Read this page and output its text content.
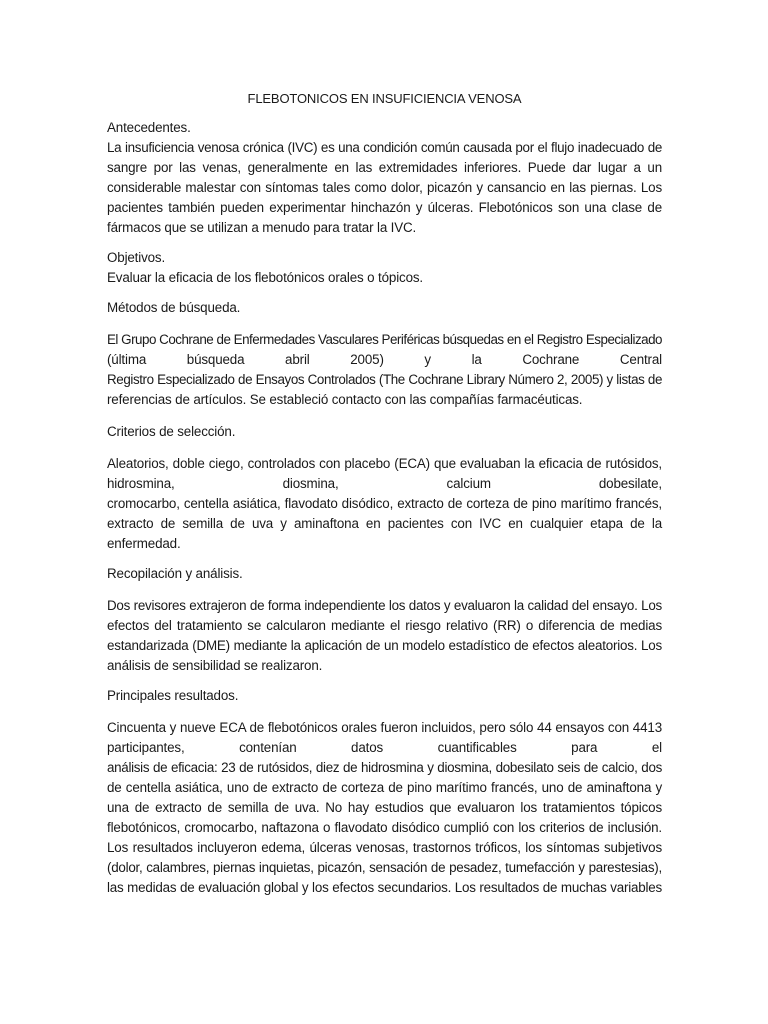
FLEBOTONICOS EN INSUFICIENCIA VENOSA
Antecedentes.
La insuficiencia venosa crónica (IVC) es una condición común causada por el flujo inadecuado de
sangre por las venas, generalmente en las extremidades inferiores. Puede dar lugar a un
considerable malestar con síntomas tales como dolor, picazón y cansancio en las piernas. Los
pacientes también pueden experimentar hinchazón y úlceras. Flebotónicos son una clase de
fármacos que se utilizan a menudo para tratar la IVC.
Objetivos.
Evaluar la eficacia de los flebotónicos orales o tópicos.
Métodos de búsqueda.
El Grupo Cochrane de Enfermedades Vasculares Periféricas búsquedas en el Registro Especializado
(última búsqueda abril 2005) y la Cochrane Central
Registro Especializado de Ensayos Controlados (The Cochrane Library Número 2, 2005) y listas de
referencias de artículos. Se estableció contacto con las compañías farmacéuticas.
Criterios de selección.
Aleatorios, doble ciego, controlados con placebo (ECA) que evaluaban la eficacia de rutósidos,
hidrosmina, diosmina, calcium dobesilate,
cromocarbo, centella asiática, flavodato disódico, extracto de corteza de pino marítimo francés,
extracto de semilla de uva y aminaftona en pacientes con IVC en cualquier etapa de la
enfermedad.
Recopilación y análisis.
Dos revisores extrajeron de forma independiente los datos y evaluaron la calidad del ensayo. Los
efectos del tratamiento se calcularon mediante el riesgo relativo (RR) o diferencia de medias
estandarizada (DME) mediante la aplicación de un modelo estadístico de efectos aleatorios. Los
análisis de sensibilidad se realizaron.
Principales resultados.
Cincuenta y nueve ECA de flebotónicos orales fueron incluidos, pero sólo 44 ensayos con 4413
participantes, contenían datos cuantificables para el
análisis de eficacia: 23 de rutósidos, diez de hidrosmina y diosmina, dobesilato seis de calcio, dos
de centella asiática, uno de extracto de corteza de pino marítimo francés, uno de aminaftona y
una de extracto de semilla de uva. No hay estudios que evaluaron los tratamientos tópicos
flebotónicos, cromocarbo, naftazona o flavodato disódico cumplió con los criterios de inclusión.
Los resultados incluyeron edema, úlceras venosas, trastornos tróficos, los síntomas subjetivos
(dolor, calambres, piernas inquietas, picazón, sensación de pesadez, tumefacción y parestesias),
las medidas de evaluación global y los efectos secundarios. Los resultados de muchas variables
